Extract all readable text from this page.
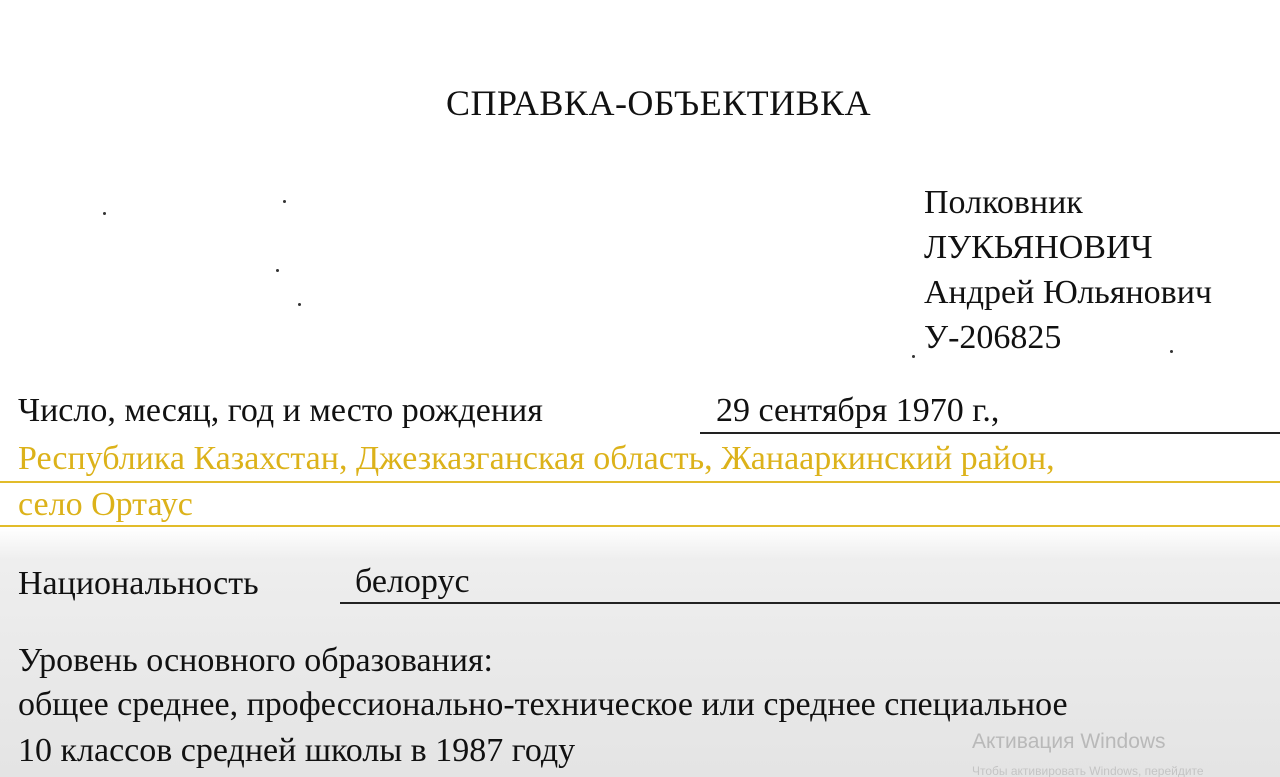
СПРАВКА-ОБЪЕКТИВКА
Полковник
ЛУКЬЯНОВИЧ
Андрей Юльянович
У-206825
Число, месяц, год и место рождения	29 сентября 1970 г.,
Республика Казахстан, Джезказганская область, Жанааркинский район,
село Ортаус
Национальность	белорус
Уровень основного образования:
общее среднее, профессионально-техническое или среднее специальное
10 классов средней школы в 1987 году	Активация Windows
Чтобы активировать Windows, перейдите
